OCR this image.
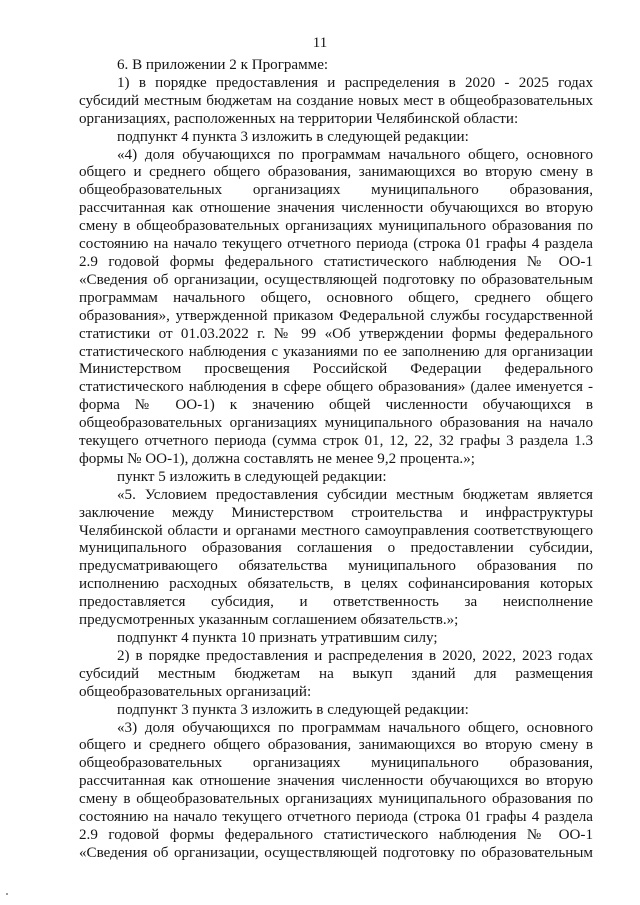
11

6. В приложении 2 к Программе:

1) в порядке предоставления и распределения в 2020 - 2025 годах субсидий местным бюджетам на создание новых мест в общеобразовательных организациях, расположенных на территории Челябинской области:

подпункт 4 пункта 3 изложить в следующей редакции:

«4) доля обучающихся по программам начального общего, основного общего и среднего общего образования, занимающихся во вторую смену в общеобразовательных организациях муниципального образования, рассчитанная как отношение значения численности обучающихся во вторую смену в общеобразовательных организациях муниципального образования по состоянию на начало текущего отчетного периода (строка 01 графы 4 раздела 2.9 годовой формы федерального статистического наблюдения № ОО-1 «Сведения об организации, осуществляющей подготовку по образовательным программам начального общего, основного общего, среднего общего образования», утвержденной приказом Федеральной службы государственной статистики от 01.03.2022 г. № 99 «Об утверждении формы федерального статистического наблюдения с указаниями по ее заполнению для организации Министерством просвещения Российской Федерации федерального статистического наблюдения в сфере общего образования» (далее именуется - форма № ОО-1) к значению общей численности обучающихся в общеобразовательных организациях муниципального образования на начало текущего отчетного периода (сумма строк 01, 12, 22, 32 графы 3 раздела 1.3 формы № ОО-1), должна составлять не менее 9,2 процента.»;

пункт 5 изложить в следующей редакции:

«5. Условием предоставления субсидии местным бюджетам является заключение между Министерством строительства и инфраструктуры Челябинской области и органами местного самоуправления соответствующего муниципального образования соглашения о предоставлении субсидии, предусматривающего обязательства муниципального образования по исполнению расходных обязательств, в целях софинансирования которых предоставляется субсидия, и ответственность за неисполнение предусмотренных указанным соглашением обязательств.»;

подпункт 4 пункта 10 признать утратившим силу;

2) в порядке предоставления и распределения в 2020, 2022, 2023 годах субсидий местным бюджетам на выкуп зданий для размещения общеобразовательных организаций:

подпункт 3 пункта 3 изложить в следующей редакции:

«3) доля обучающихся по программам начального общего, основного общего и среднего общего образования, занимающихся во вторую смену в общеобразовательных организациях муниципального образования, рассчитанная как отношение значения численности обучающихся во вторую смену в общеобразовательных организациях муниципального образования по состоянию на начало текущего отчетного периода (строка 01 графы 4 раздела 2.9 годовой формы федерального статистического наблюдения № ОО-1 «Сведения об организации, осуществляющей подготовку по образовательным
